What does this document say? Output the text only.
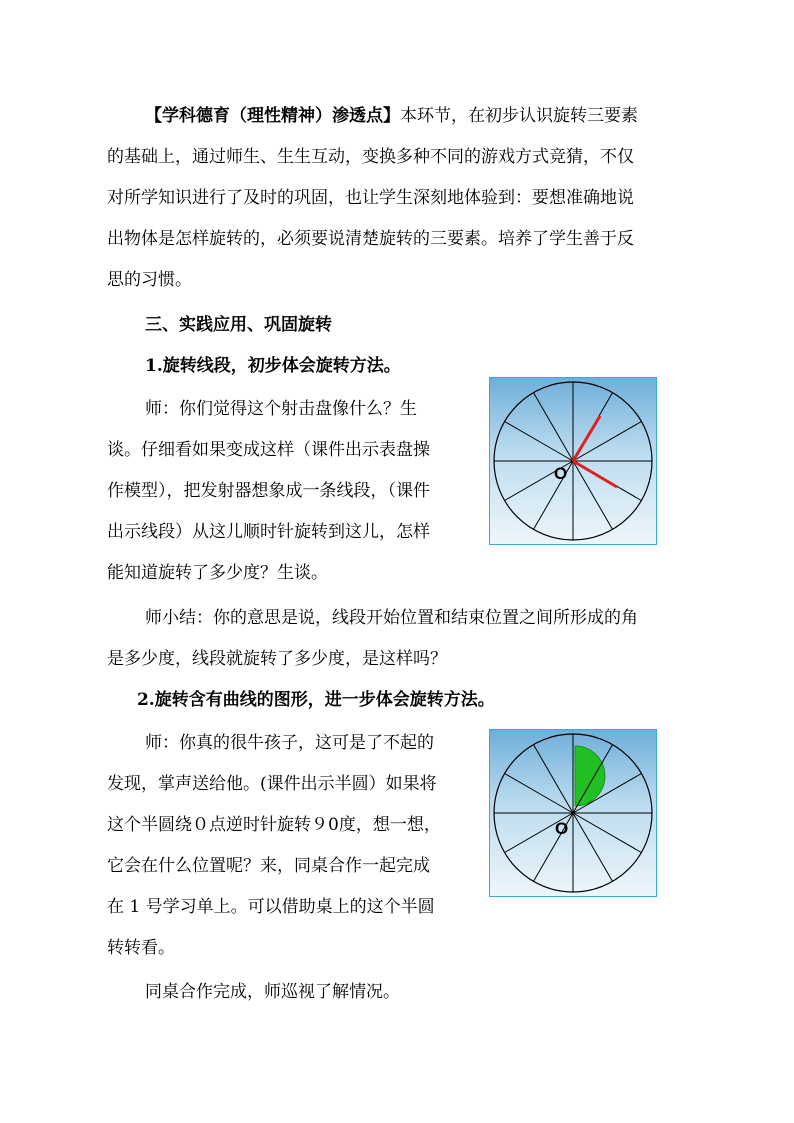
【学科德育（理性精神）渗透点】本环节，在初步认识旋转三要素

的基础上，通过师生、生生互动，变换多种不同的游戏方式竞猜，不仅

对所学知识进行了及时的巩固，也让学生深刻地体验到：要想准确地说

出物体是怎样旋转的，必须要说清楚旋转的三要素。培养了学生善于反

思的习惯。

三、实践应用、巩固旋转

1.旋转线段，初步体会旋转方法。

师：你们觉得这个射击盘像什么？生

谈。仔细看如果变成这样（课件出示表盘操

作模型），把发射器想象成一条线段，（课件

出示线段）从这儿顺时针旋转到这儿，怎样

能知道旋转了多少度？生谈。

O

师小结：你的意思是说，线段开始位置和结束位置之间所形成的角

是多少度，线段就旋转了多少度，是这样吗？

2.旋转含有曲线的图形，进一步体会旋转方法。

师：你真的很牛孩子，这可是了不起的

发现，掌声送给他。(课件出示半圆）如果将

这个半圆绕０点逆时针旋转９0度，想一想，

它会在什么位置呢？来，同桌合作一起完成

在 1 号学习单上。可以借助桌上的这个半圆

转转看。

O

同桌合作完成，师巡视了解情况。
